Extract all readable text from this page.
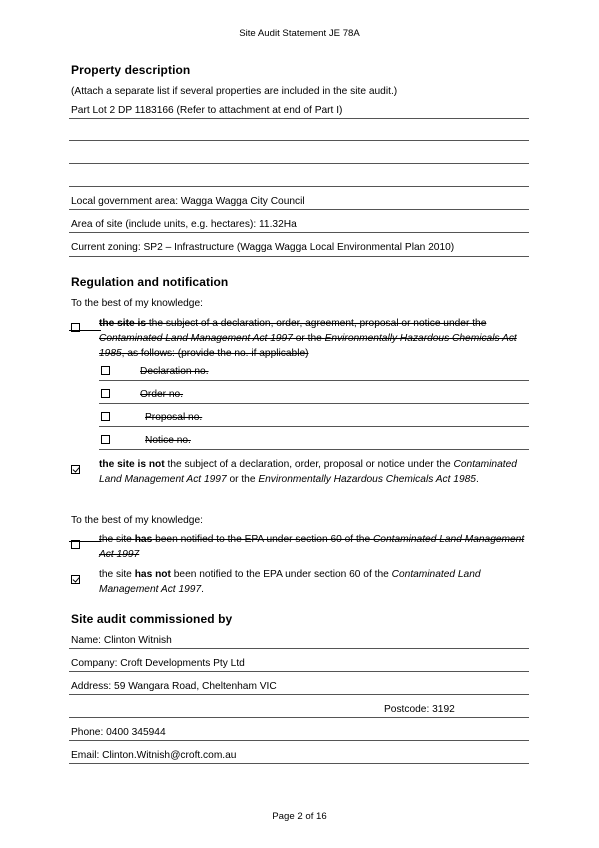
Site Audit Statement JE 78A
Property description
(Attach a separate list if several properties are included in the site audit.)
Part Lot 2 DP 1183166 (Refer to attachment at end of Part I)
Local government area: Wagga Wagga City Council
Area of site (include units, e.g. hectares): 11.32Ha
Current zoning: SP2 – Infrastructure (Wagga Wagga Local Environmental Plan 2010)
Regulation and notification
To the best of my knowledge:
the site is the subject of a declaration, order, agreement, proposal or notice under the Contaminated Land Management Act 1997 or the Environmentally Hazardous Chemicals Act 1985, as follows: (provide the no. if applicable)
Declaration no.
Order no.
Proposal no.
Notice no.
the site is not the subject of a declaration, order, proposal or notice under the Contaminated Land Management Act 1997 or the Environmentally Hazardous Chemicals Act 1985.
To the best of my knowledge:
the site has been notified to the EPA under section 60 of the Contaminated Land Management Act 1997
the site has not been notified to the EPA under section 60 of the Contaminated Land Management Act 1997.
Site audit commissioned by
Name: Clinton Witnish
Company: Croft Developments Pty Ltd
Address: 59 Wangara Road, Cheltenham VIC
Postcode: 3192
Phone: 0400 345944
Email: Clinton.Witnish@croft.com.au
Page 2 of 16
